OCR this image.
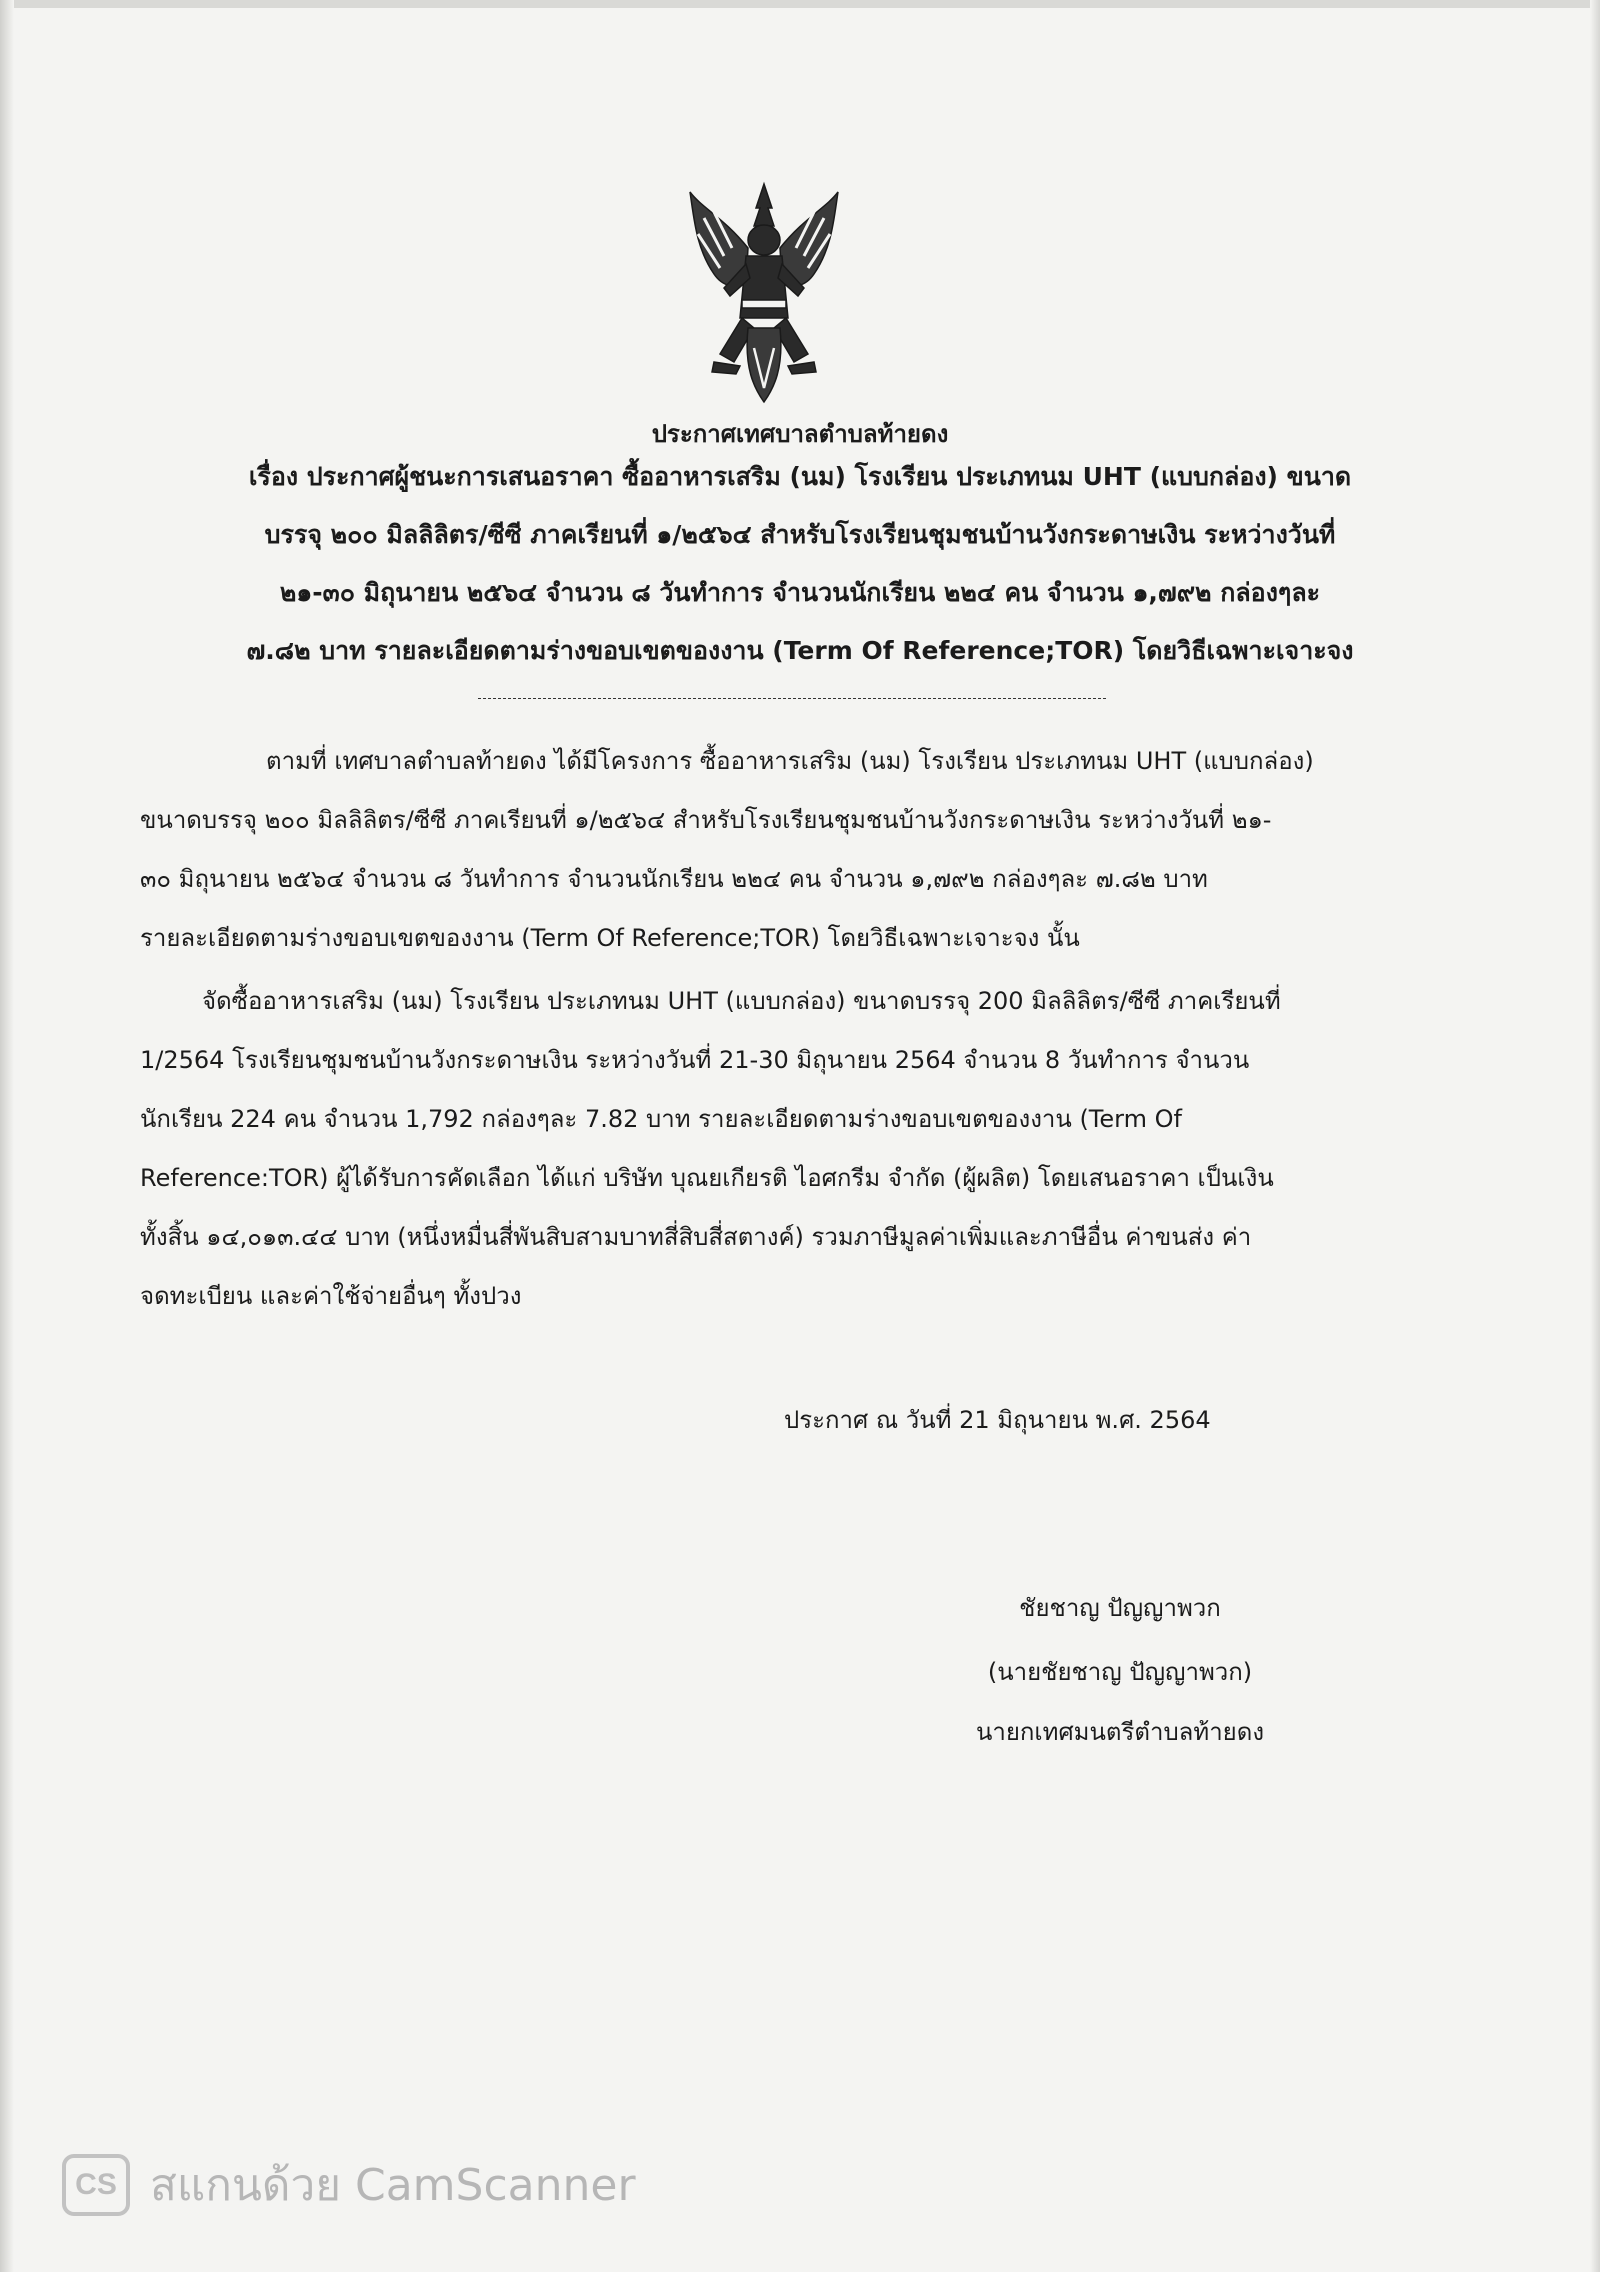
ประกาศเทศบาลตำบลท้ายดง
เรื่อง ประกาศผู้ชนะการเสนอราคา ซื้ออาหารเสริม (นม) โรงเรียน ประเภทนม UHT (แบบกล่อง) ขนาด
บรรจุ ๒๐๐ มิลลิลิตร/ซีซี ภาคเรียนที่ ๑/๒๕๖๔ สำหรับโรงเรียนชุมชนบ้านวังกระดาษเงิน ระหว่างวันที่
๒๑-๓๐ มิถุนายน ๒๕๖๔ จำนวน ๘ วันทำการ จำนวนนักเรียน ๒๒๔ คน จำนวน ๑,๗๙๒ กล่องๆละ
๗.๘๒ บาท รายละเอียดตามร่างขอบเขตของงาน (Term Of Reference;TOR) โดยวิธีเฉพาะเจาะจง
ตามที่ เทศบาลตำบลท้ายดง ได้มีโครงการ ซื้ออาหารเสริม (นม) โรงเรียน ประเภทนม UHT (แบบกล่อง)
ขนาดบรรจุ ๒๐๐ มิลลิลิตร/ซีซี ภาคเรียนที่ ๑/๒๕๖๔ สำหรับโรงเรียนชุมชนบ้านวังกระดาษเงิน ระหว่างวันที่ ๒๑-
๓๐ มิถุนายน ๒๕๖๔ จำนวน ๘ วันทำการ จำนวนนักเรียน ๒๒๔ คน จำนวน ๑,๗๙๒ กล่องๆละ ๗.๘๒ บาท
รายละเอียดตามร่างขอบเขตของงาน (Term Of Reference;TOR) โดยวิธีเฉพาะเจาะจง นั้น
จัดซื้ออาหารเสริม (นม) โรงเรียน ประเภทนม UHT (แบบกล่อง) ขนาดบรรจุ 200 มิลลิลิตร/ซีซี ภาคเรียนที่
1/2564 โรงเรียนชุมชนบ้านวังกระดาษเงิน ระหว่างวันที่ 21-30 มิถุนายน 2564 จำนวน 8 วันทำการ จำนวน
นักเรียน 224 คน จำนวน 1,792 กล่องๆละ 7.82 บาท รายละเอียดตามร่างขอบเขตของงาน (Term Of
Reference:TOR) ผู้ได้รับการคัดเลือก ได้แก่ บริษัท บุณยเกียรติ ไอศกรีม จำกัด (ผู้ผลิต) โดยเสนอราคา เป็นเงิน
ทั้งสิ้น ๑๔,๐๑๓.๔๔ บาท (หนึ่งหมื่นสี่พันสิบสามบาทสี่สิบสี่สตางค์) รวมภาษีมูลค่าเพิ่มและภาษีอื่น ค่าขนส่ง ค่า
จดทะเบียน และค่าใช้จ่ายอื่นๆ ทั้งปวง
ประกาศ ณ วันที่ 21 มิถุนายน พ.ศ. 2564
ชัยชาญ ปัญญาพวก
(นายชัยชาญ ปัญญาพวก)
นายกเทศมนตรีตำบลท้ายดง
CS สแกนด้วย CamScanner
